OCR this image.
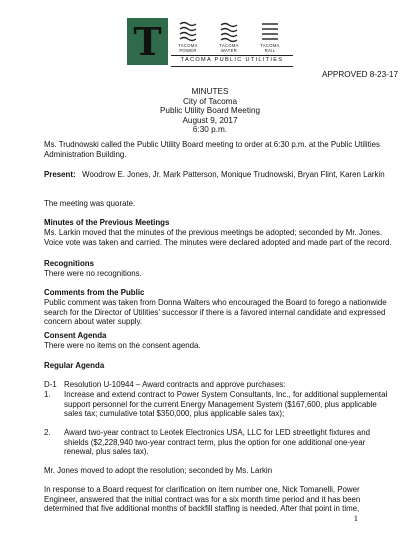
T	TACOMA
POWER
TACOMA
WATER
TACOMA
RAIL
TACOMA PUBLIC UTILITIES
APPROVED 8-23-17
MINUTES
City of Tacoma
Public Utility Board Meeting
August 9, 2017
6:30 p.m.
Ms. Trudnowski called the Public Utility Board meeting to order at 6:30 p.m. at the Public Utilities Administration Building.
Present: Woodrow E. Jones, Jr. Mark Patterson, Monique Trudnowski, Bryan Flint, Karen Larkin
The meeting was quorate.
Minutes of the Previous Meetings
Ms. Larkin moved that the minutes of the previous meetings be adopted; seconded by Mr. Jones. Voice vote was taken and carried. The minutes were declared adopted and made part of the record.
Recognitions
There were no recognitions.
Comments from the Public
Public comment was taken from Donna Walters who encouraged the Board to forego a nationwide search for the Director of Utilities' successor if there is a favored internal candidate and expressed concern about water supply.
Consent Agenda
There were no items on the consent agenda.
Regular Agenda
D-1 Resolution U-10944 – Award contracts and approve purchases:
1. Increase and extend contract to Power System Consultants, Inc., for additional supplemental support personnel for the current Energy Management System ($167,600, plus applicable sales tax; cumulative total $350,000, plus applicable sales tax);
2. Award two-year contract to Leotek Electronics USA, LLC for LED streetlight fixtures and shields ($2,228,940 two-year contract term, plus the option for one additional one-year renewal, plus sales tax).
Mr. Jones moved to adopt the resolution; seconded by Ms. Larkin
In response to a Board request for clarification on item number one, Nick Tomanelli, Power Engineer, answered that the initial contract was for a six month time period and it has been determined that five additional months of backfill staffing is needed. After that point in time,
1
